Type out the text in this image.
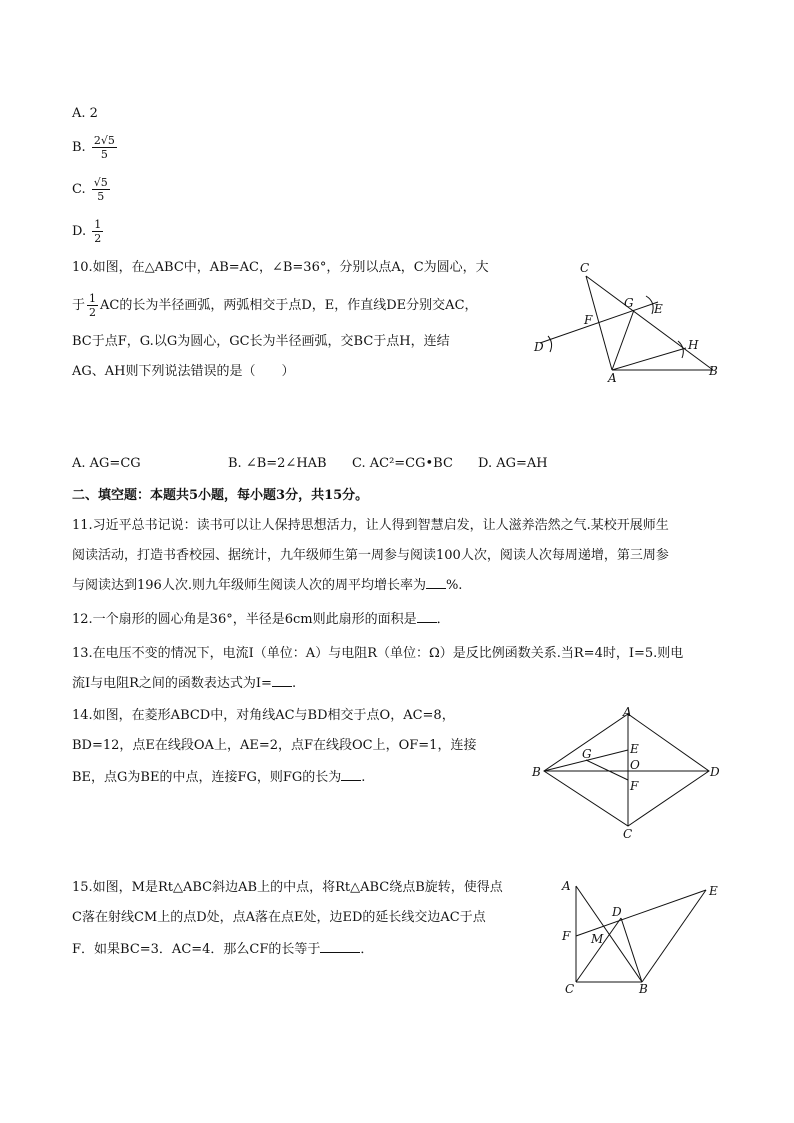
A. 2
B. $\frac{2√5}{5}$
C. $\frac{√5}{5}$
D. $\frac{1}{2}$
10.如图，在△ABC中，AB=AC，∠B=36°，分别以点A，C为圆心，大
于 $\frac{1}{2}$ AC的长为半径画弧，两弧相交于点D，E，作直线DE分别交AC，
BC于点F，G.以G为圆心，GC长为半径画弧，交BC于点H，连结
AG、AH则下列说法错误的是（　　）
C
G E
F
D	H
A	B
A. AG=CG	B. ∠B=2∠HAB C. AC²=CG•BC D. AG=AH
二、填空题：本题共5小题，每小题3分，共15分。
11.习近平总书记说：读书可以让人保持思想活力，让人得到智慧启发，让人滋养浩然之气.某校开展师生
阅读活动，打造书香校园、据统计，九年级师生第一周参与阅读100人次，阅读人次每周递增，第三周参
与阅读达到196人次.则九年级师生阅读人次的周平均增长率为 %.
12.一个扇形的圆心角是36°，半径是6cm则此扇形的面积是 ．
13.在电压不变的情况下，电流I（单位：A）与电阻R（单位：Ω）是反比例函数关系.当R=4时，I=5.则电
流I与电阻R之间的函数表达式为I= .
14.如图，在菱形ABCD中，对角线AC与BD相交于点O，AC=8，
BD=12，点E在线段OA上，AE=2，点F在线段OC上，OF=1，连接
BE，点G为BE的中点，连接FG，则FG的长为 .
A
B
C
D
E
F
G
O
15.如图，M是Rt△ABC斜边AB上的中点，将Rt△ABC绕点B旋转，使得点
C落在射线CM上的点D处，点A落在点E处，边ED的延长线交边AC于点
F．如果BC=3．AC=4．那么CF的长等于	．
A	E
D
F M
C	B
